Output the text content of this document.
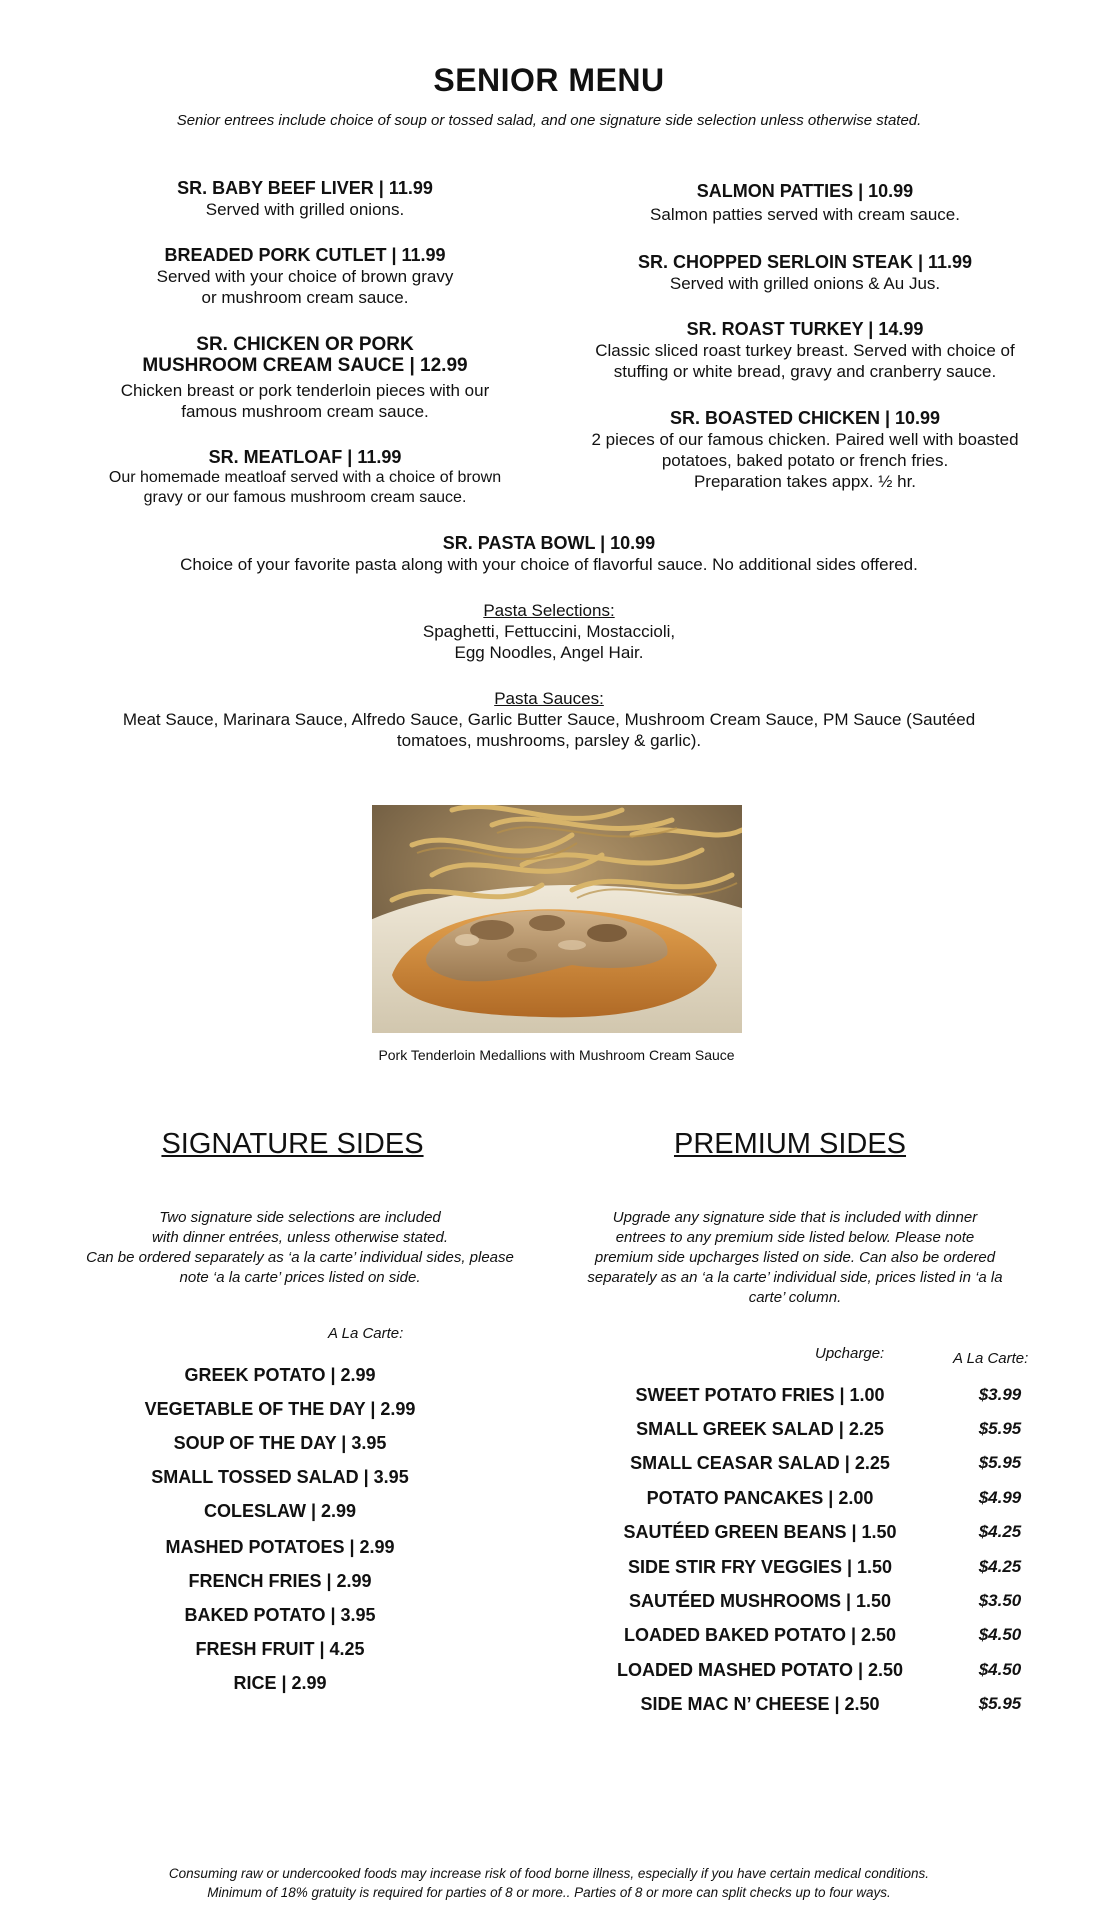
SENIOR MENU
Senior entrees include choice of soup or tossed salad, and one signature side selection unless otherwise stated.
SR. BABY BEEF LIVER | 11.99
Served with grilled onions.
BREADED PORK CUTLET | 11.99
Served with your choice of brown gravy
or mushroom cream sauce.
SR. CHICKEN OR PORK
MUSHROOM CREAM SAUCE | 12.99
Chicken breast or pork tenderloin pieces with our
famous mushroom cream sauce.
SR. MEATLOAF | 11.99
Our homemade meatloaf served with a choice of brown
gravy or our famous mushroom cream sauce.
SALMON PATTIES | 10.99
Salmon patties served with cream sauce.
SR. CHOPPED SERLOIN STEAK | 11.99
Served with grilled onions & Au Jus.
SR. ROAST TURKEY | 14.99
Classic sliced roast turkey breast. Served with choice of
stuffing or white bread, gravy and cranberry sauce.
SR. BOASTED CHICKEN | 10.99
2 pieces of our famous chicken. Paired well with boasted
potatoes, baked potato or french fries.
Preparation takes appx. ½ hr.
SR. PASTA BOWL | 10.99
Choice of your favorite pasta along with your choice of flavorful sauce. No additional sides offered.
Pasta Selections:
Spaghetti, Fettuccini, Mostaccioli,
Egg Noodles, Angel Hair.
Pasta Sauces:
Meat Sauce, Marinara Sauce, Alfredo Sauce, Garlic Butter Sauce, Mushroom Cream Sauce, PM Sauce (Sautéed
tomatoes, mushrooms, parsley & garlic).
Pork Tenderloin Medallions with Mushroom Cream Sauce
SIGNATURE SIDES
Two signature side selections are included
with dinner entrées, unless otherwise stated.
Can be ordered separately as ‘a la carte’ individual sides, please
note ‘a la carte’ prices listed on side.
A La Carte:
GREEK POTATO | 2.99
VEGETABLE OF THE DAY | 2.99
SOUP OF THE DAY | 3.95
SMALL TOSSED SALAD | 3.95
COLESLAW | 2.99
MASHED POTATOES | 2.99
FRENCH FRIES | 2.99
BAKED POTATO | 3.95
FRESH FRUIT | 4.25
RICE | 2.99
PREMIUM SIDES
Upgrade any signature side that is included with dinner
entrees to any premium side listed below. Please note
premium side upcharges listed on side. Can also be ordered
separately as an ‘a la carte’ individual side, prices listed in ‘a la
carte’ column.
Upcharge:	A La Carte:
SWEET POTATO FRIES | 1.00	$3.99
SMALL GREEK SALAD | 2.25	$5.95
SMALL CEASAR SALAD | 2.25	$5.95
POTATO PANCAKES | 2.00	$4.99
SAUTÉED GREEN BEANS | 1.50	$4.25
SIDE STIR FRY VEGGIES | 1.50	$4.25
SAUTÉED MUSHROOMS | 1.50	$3.50
LOADED BAKED POTATO | 2.50	$4.50
LOADED MASHED POTATO | 2.50	$4.50
SIDE MAC N’ CHEESE | 2.50	$5.95
Consuming raw or undercooked foods may increase risk of food borne illness, especially if you have certain medical conditions.
Minimum of 18% gratuity is required for parties of 8 or more.. Parties of 8 or more can split checks up to four ways.
